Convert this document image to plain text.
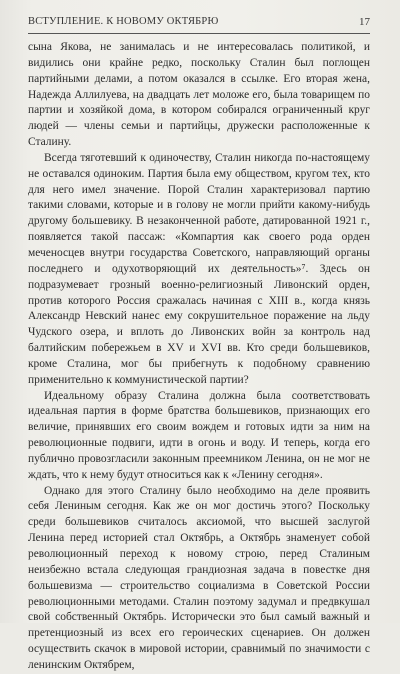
ВСТУПЛЕНИЕ. К НОВОМУ ОКТЯБРЮ	17

сына Якова, не занималась и не интересовалась политикой, и видились они крайне редко, поскольку Сталин был поглощен партийными делами, а потом оказался в ссылке. Его вторая жена, Надежда Аллилуева, на двадцать лет моложе его, была товарищем по партии и хозяйкой дома, в котором собирался ограниченный круг людей — члены семьи и партийцы, дружески расположенные к Сталину.

Всегда тяготевший к одиночеству, Сталин никогда по-настоящему не оставался одиноким. Партия была ему обществом, кругом тех, кто для него имел значение. Порой Сталин характеризовал партию такими словами, которые и в голову не могли прийти какому-нибудь другому большевику. В незаконченной работе, датированной 1921 г., появляется такой пассаж: «Компартия как своего рода орден меченосцев внутри государства Советского, направляющий органы последнего и одухотворяющий их деятельность»⁷. Здесь он подразумевает грозный военно-религиозный Ливонский орден, против которого Россия сражалась начиная с XIII в., когда князь Александр Невский нанес ему сокрушительное поражение на льду Чудского озера, и вплоть до Ливонских войн за контроль над балтийским побережьем в XV и XVI вв. Кто среди большевиков, кроме Сталина, мог бы прибегнуть к подобному сравнению применительно к коммунистической партии?

Идеальному образу Сталина должна была соответствовать идеальная партия в форме братства большевиков, признающих его величие, принявших его своим вождем и готовых идти за ним на революционные подвиги, идти в огонь и воду. И теперь, когда его публично провозгласили законным преемником Ленина, он не мог не ждать, что к нему будут относиться как к «Ленину сегодня».

Однако для этого Сталину было необходимо на деле проявить себя Лениным сегодня. Как же он мог достичь этого? Поскольку среди большевиков считалось аксиомой, что высшей заслугой Ленина перед историей стал Октябрь, а Октябрь знаменует собой революционный переход к новому строю, перед Сталиным неизбежно встала следующая грандиозная задача в повестке дня большевизма — строительство социализма в Советской России революционными методами. Сталин поэтому задумал и предвкушал свой собственный Октябрь. Исторически это был самый важный и претенциозный из всех его героических сценариев. Он должен осуществить скачок в мировой истории, сравнимый по значимости с ленинским Октябрем,
